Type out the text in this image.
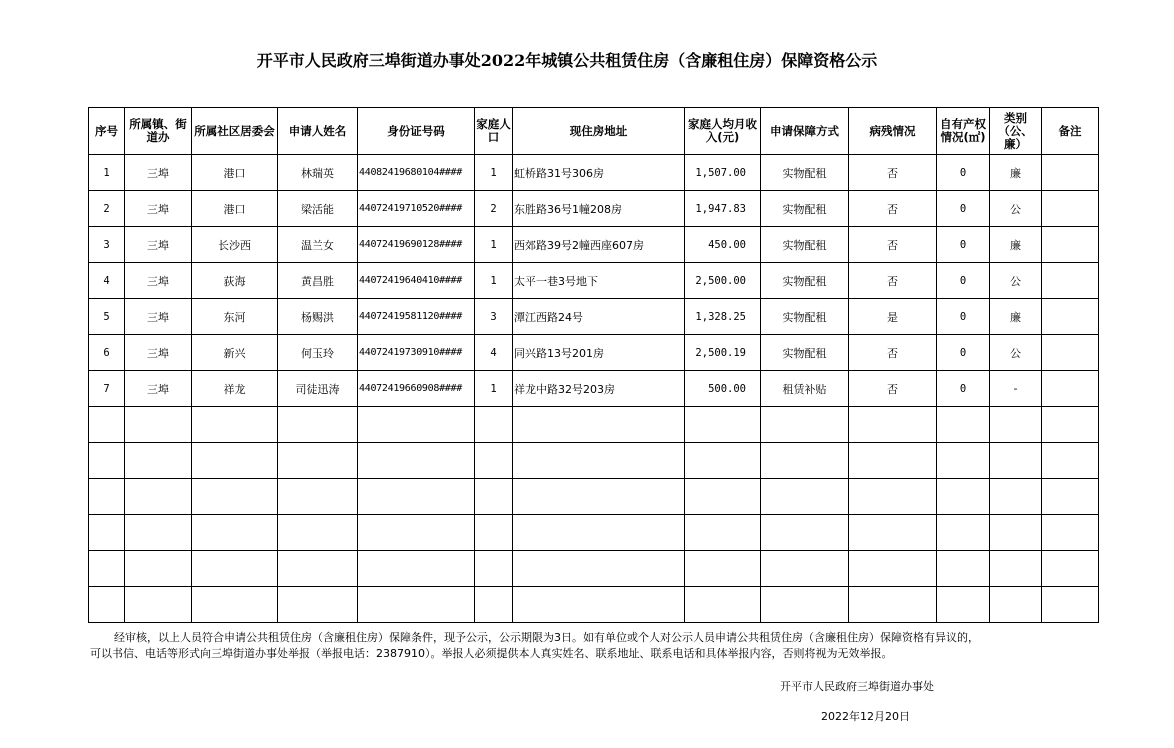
开平市人民政府三埠街道办事处2022年城镇公共租赁住房（含廉租住房）保障资格公示
序号	所属镇、街道办	所属社区居委会	申请人姓名	身份证号码	家庭人口	现住房地址	家庭人均月收入(元)	申请保障方式	病残情况	自有产权情况(㎡)	类别（公、廉）	备注
1	三埠	港口	林瑞英	44082419680104####	1	虹桥路31号306房	1,507.00	实物配租	否	0	廉	
2	三埠	港口	梁活能	44072419710520####	2	东胜路36号1幢208房	1,947.83	实物配租	否	0	公	
3	三埠	长沙西	温兰女	44072419690128####	1	西郊路39号2幢西座607房	450.00	实物配租	否	0	廉	
4	三埠	荻海	黄昌胜	44072419640410####	1	太平一巷3号地下	2,500.00	实物配租	否	0	公	
5	三埠	东河	杨赐洪	44072419581120####	3	潭江西路24号	1,328.25	实物配租	是	0	廉	
6	三埠	新兴	何玉玲	44072419730910####	4	同兴路13号201房	2,500.19	实物配租	否	0	公	
7	三埠	祥龙	司徒迅涛	44072419660908####	1	祥龙中路32号203房	500.00	租赁补贴	否	0	-	

经审核，以上人员符合申请公共租赁住房（含廉租住房）保障条件，现予公示，公示期限为3日。如有单位或个人对公示人员申请公共租赁住房（含廉租住房）保障资格有异议的，

可以书信、电话等形式向三埠街道办事处举报（举报电话：2387910）。举报人必须提供本人真实姓名、联系地址、联系电话和具体举报内容，否则将视为无效举报。

开平市人民政府三埠街道办事处
2022年12月20日
